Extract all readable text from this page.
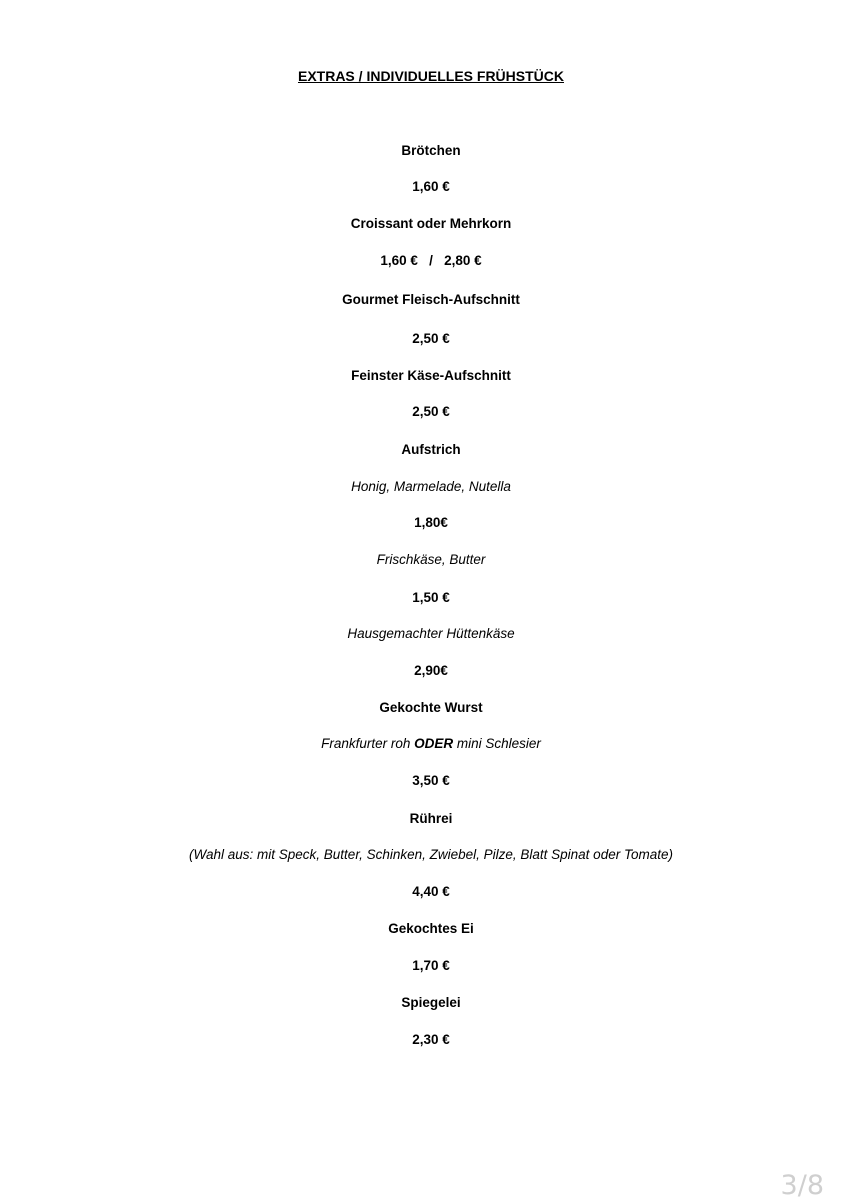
EXTRAS / INDIVIDUELLES FRÜHSTÜCK
Brötchen
1,60 €
Croissant oder Mehrkorn
1,60 €   /   2,80 €
Gourmet Fleisch-Aufschnitt
2,50 €
Feinster Käse-Aufschnitt
2,50 €
Aufstrich
Honig, Marmelade, Nutella
1,80€
Frischkäse, Butter
1,50 €
Hausgemachter Hüttenkäse
2,90€
Gekochte Wurst
Frankfurter roh ODER mini Schlesier
3,50 €
Rührei
(Wahl aus: mit Speck, Butter, Schinken, Zwiebel, Pilze, Blatt Spinat oder Tomate)
4,40 €
Gekochtes Ei
1,70 €
Spiegelei
2,30 €
3/8
